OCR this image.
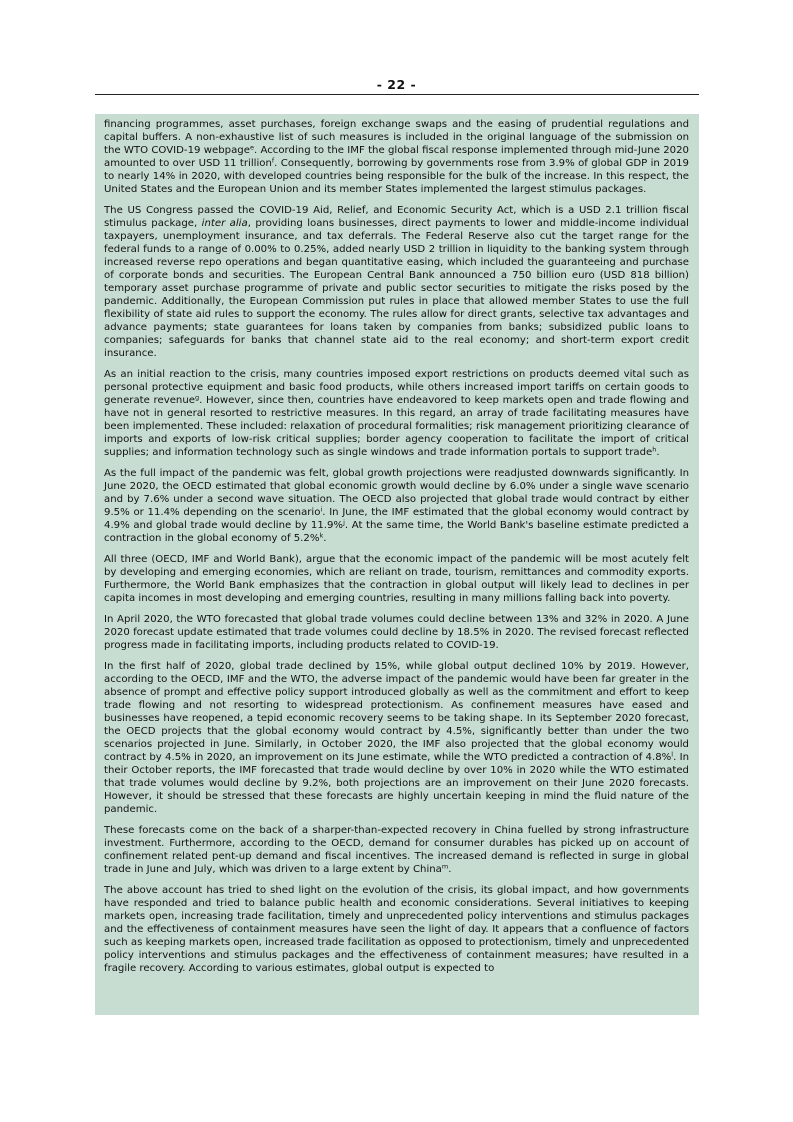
- 22 -

financing programmes, asset purchases, foreign exchange swaps and the easing of prudential regulations and capital buffers. A non-exhaustive list of such measures is included in the original language of the submission on the WTO COVID-19 webpage$^e$. According to the IMF the global fiscal response implemented through mid-June 2020 amounted to over USD 11 trillion$^f$. Consequently, borrowing by governments rose from 3.9% of global GDP in 2019 to nearly 14% in 2020, with developed countries being responsible for the bulk of the increase. In this respect, the United States and the European Union and its member States implemented the largest stimulus packages.

The US Congress passed the COVID-19 Aid, Relief, and Economic Security Act, which is a USD 2.1 trillion fiscal stimulus package, inter alia, providing loans businesses, direct payments to lower and middle-income individual taxpayers, unemployment insurance, and tax deferrals. The Federal Reserve also cut the target range for the federal funds to a range of 0.00% to 0.25%, added nearly USD 2 trillion in liquidity to the banking system through increased reverse repo operations and began quantitative easing, which included the guaranteeing and purchase of corporate bonds and securities. The European Central Bank announced a 750 billion euro (USD 818 billion) temporary asset purchase programme of private and public sector securities to mitigate the risks posed by the pandemic. Additionally, the European Commission put rules in place that allowed member States to use the full flexibility of state aid rules to support the economy. The rules allow for direct grants, selective tax advantages and advance payments; state guarantees for loans taken by companies from banks; subsidized public loans to companies; safeguards for banks that channel state aid to the real economy; and short-term export credit insurance.

As an initial reaction to the crisis, many countries imposed export restrictions on products deemed vital such as personal protective equipment and basic food products, while others increased import tariffs on certain goods to generate revenue$^g$. However, since then, countries have endeavored to keep markets open and trade flowing and have not in general resorted to restrictive measures. In this regard, an array of trade facilitating measures have been implemented. These included: relaxation of procedural formalities; risk management prioritizing clearance of imports and exports of low-risk critical supplies; border agency cooperation to facilitate the import of critical supplies; and information technology such as single windows and trade information portals to support trade$^h$.

As the full impact of the pandemic was felt, global growth projections were readjusted downwards significantly. In June 2020, the OECD estimated that global economic growth would decline by 6.0% under a single wave scenario and by 7.6% under a second wave situation. The OECD also projected that global trade would contract by either 9.5% or 11.4% depending on the scenario$^i$. In June, the IMF estimated that the global economy would contract by 4.9% and global trade would decline by 11.9%$^j$. At the same time, the World Bank's baseline estimate predicted a contraction in the global economy of 5.2%$^k$.

All three (OECD, IMF and World Bank), argue that the economic impact of the pandemic will be most acutely felt by developing and emerging economies, which are reliant on trade, tourism, remittances and commodity exports. Furthermore, the World Bank emphasizes that the contraction in global output will likely lead to declines in per capita incomes in most developing and emerging countries, resulting in many millions falling back into poverty.

In April 2020, the WTO forecasted that global trade volumes could decline between 13% and 32% in 2020. A June 2020 forecast update estimated that trade volumes could decline by 18.5% in 2020. The revised forecast reflected progress made in facilitating imports, including products related to COVID-19.

In the first half of 2020, global trade declined by 15%, while global output declined 10% by 2019. However, according to the OECD, IMF and the WTO, the adverse impact of the pandemic would have been far greater in the absence of prompt and effective policy support introduced globally as well as the commitment and effort to keep trade flowing and not resorting to widespread protectionism. As confinement measures have eased and businesses have reopened, a tepid economic recovery seems to be taking shape. In its September 2020 forecast, the OECD projects that the global economy would contract by 4.5%, significantly better than under the two scenarios projected in June. Similarly, in October 2020, the IMF also projected that the global economy would contract by 4.5% in 2020, an improvement on its June estimate, while the WTO predicted a contraction of 4.8%$^l$. In their October reports, the IMF forecasted that trade would decline by over 10% in 2020 while the WTO estimated that trade volumes would decline by 9.2%, both projections are an improvement on their June 2020 forecasts. However, it should be stressed that these forecasts are highly uncertain keeping in mind the fluid nature of the pandemic.

These forecasts come on the back of a sharper-than-expected recovery in China fuelled by strong infrastructure investment. Furthermore, according to the OECD, demand for consumer durables has picked up on account of confinement related pent-up demand and fiscal incentives. The increased demand is reflected in surge in global trade in June and July, which was driven to a large extent by China$^m$.

The above account has tried to shed light on the evolution of the crisis, its global impact, and how governments have responded and tried to balance public health and economic considerations. Several initiatives to keeping markets open, increasing trade facilitation, timely and unprecedented policy interventions and stimulus packages and the effectiveness of containment measures have seen the light of day. It appears that a confluence of factors such as keeping markets open, increased trade facilitation as opposed to protectionism, timely and unprecedented policy interventions and stimulus packages and the effectiveness of containment measures; have resulted in a fragile recovery. According to various estimates, global output is expected to
